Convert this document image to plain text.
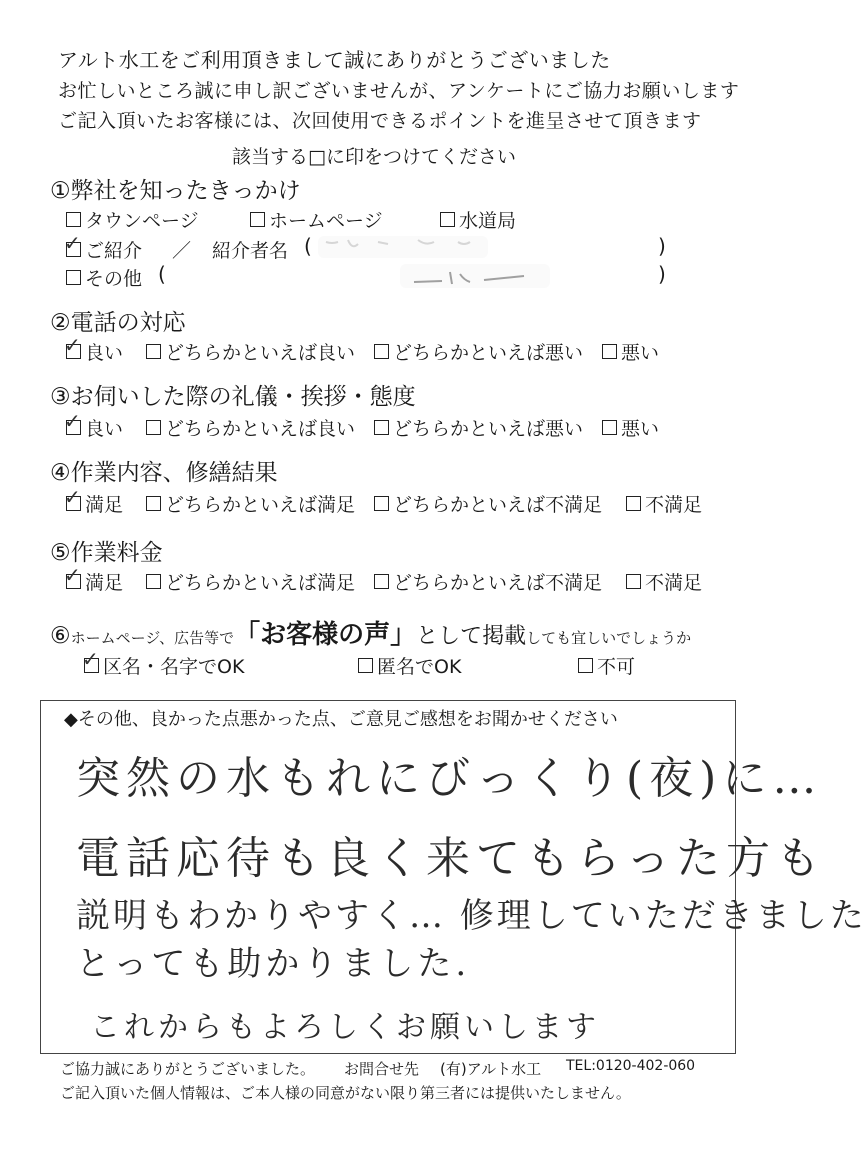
アルト水工をご利用頂きまして誠にありがとうございました
お忙しいところ誠に申し訳ございませんが、アンケートにご協力お願いします
ご記入頂いたお客様には、次回使用できるポイントを進呈させて頂きます
該当する□に印をつけてください
①弊社を知ったきっかけ
タウンページ	ホームページ	水道局
✓ ご紹介 ／ 紹介者名 (	)
その他 (	)
②電話の対応
✓ 良い どちらかといえば良い どちらかといえば悪い 悪い
③お伺いした際の礼儀・挨拶・態度
✓ 良い どちらかといえば良い どちらかといえば悪い 悪い
④作業内容、修繕結果
✓ 満足 どちらかといえば満足 どちらかといえば不満足 不満足
⑤作業料金
✓ 満足 どちらかといえば満足 どちらかといえば不満足 不満足
⑥ ホームページ、広告等で 「お客様の声」 として掲載 しても宜しいでしょうか
✓ 区名・名字でOK	匿名でOK	不可
◆その他、良かった点悪かった点、ご意見ご感想をお聞かせください
突然の水もれにびっくり(夜)に…
電話応待も良く来てもらった方も
説明もわかりやすく… 修理していただきました
とっても助かりました.
これからもよろしくお願いします
ご協力誠にありがとうございました。 お問合せ先 (有)アルト水工 TEL:0120-402-060
ご記入頂いた個人情報は、ご本人様の同意がない限り第三者には提供いたしません。
